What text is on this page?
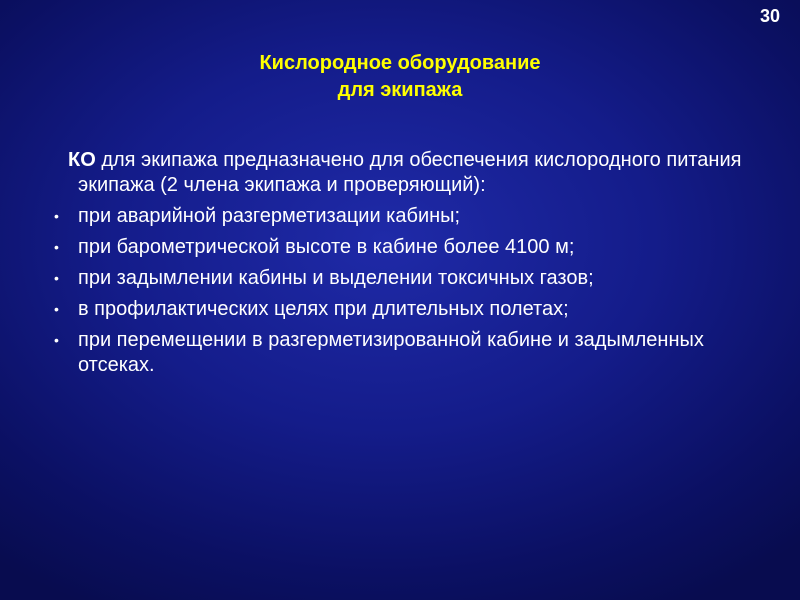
30
Кислородное оборудование
для экипажа

КО для экипажа предназначено для обеспечения кислородного питания экипажа (2 члена экипажа и проверяющий):

• при аварийной разгерметизации кабины;
• при барометрической высоте в кабине более 4100 м;
• при задымлении кабины и выделении токсичных газов;
• в профилактических целях при длительных полетах;
• при перемещении в разгерметизированной кабине и задымленных отсеках.
